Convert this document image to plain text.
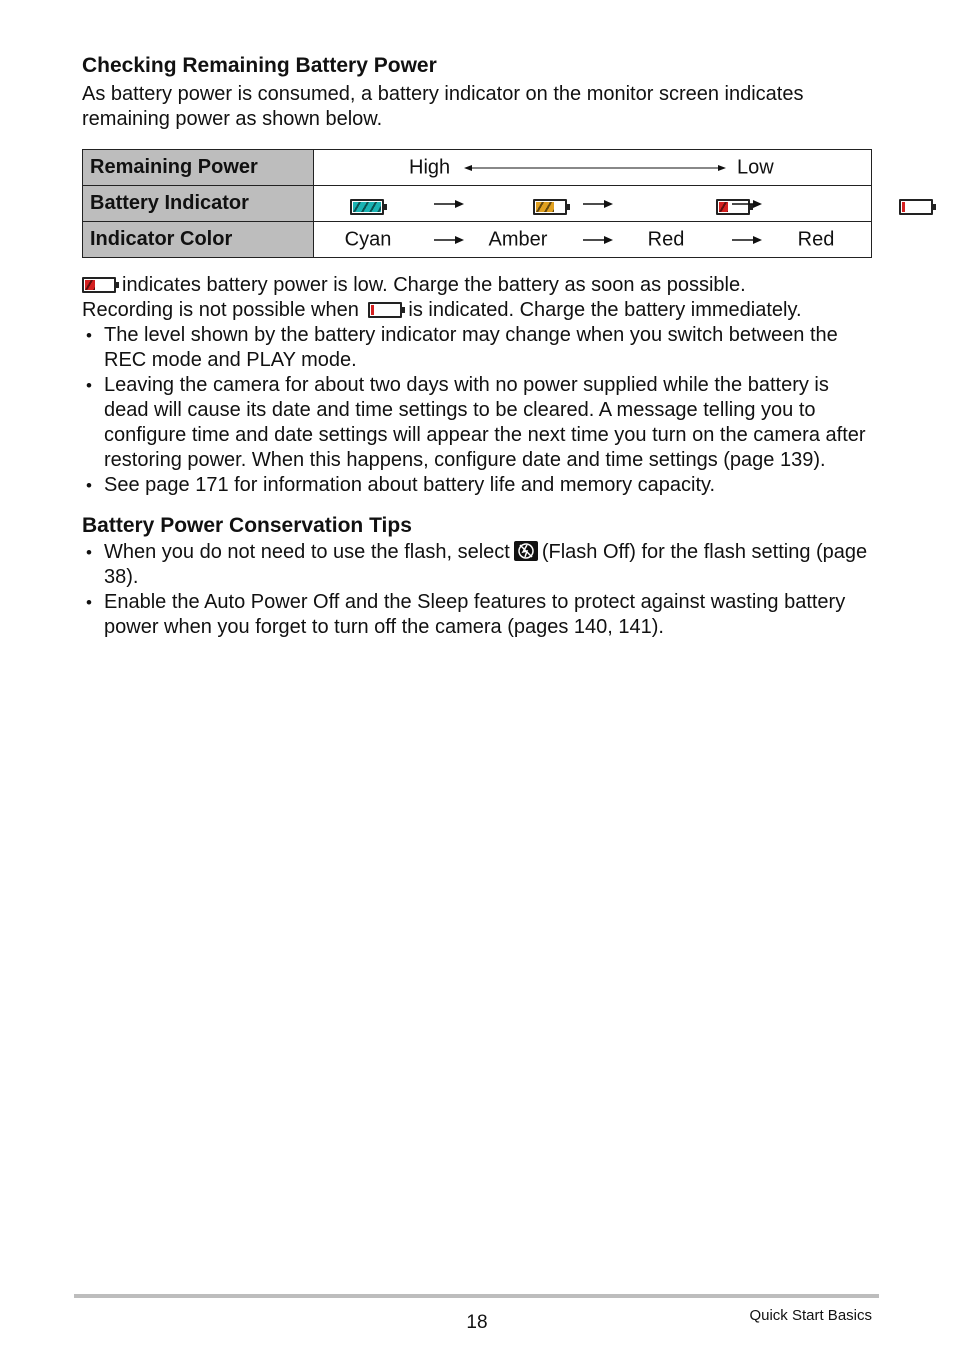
Checking Remaining Battery Power

As battery power is consumed, a battery indicator on the monitor screen indicates remaining power as shown below.

Remaining Power	High Low

Battery Indicator	

Indicator Color	Cyan Amber Red Red

indicates battery power is low. Charge the battery as soon as possible.

Recording is not possible when is indicated. Charge the battery immediately.

• The level shown by the battery indicator may change when you switch between the REC mode and PLAY mode.
• Leaving the camera for about two days with no power supplied while the battery is dead will cause its date and time settings to be cleared. A message telling you to configure time and date settings will appear the next time you turn on the camera after restoring power. When this happens, configure date and time settings (page 139).
• See page 171 for information about battery life and memory capacity.
Battery Power Conservation Tips
• When you do not need to use the flash, select (Flash Off) for the flash setting (page 38).
• Enable the Auto Power Off and the Sleep features to protect against wasting battery power when you forget to turn off the camera (pages 140, 141).
18	Quick Start Basics
